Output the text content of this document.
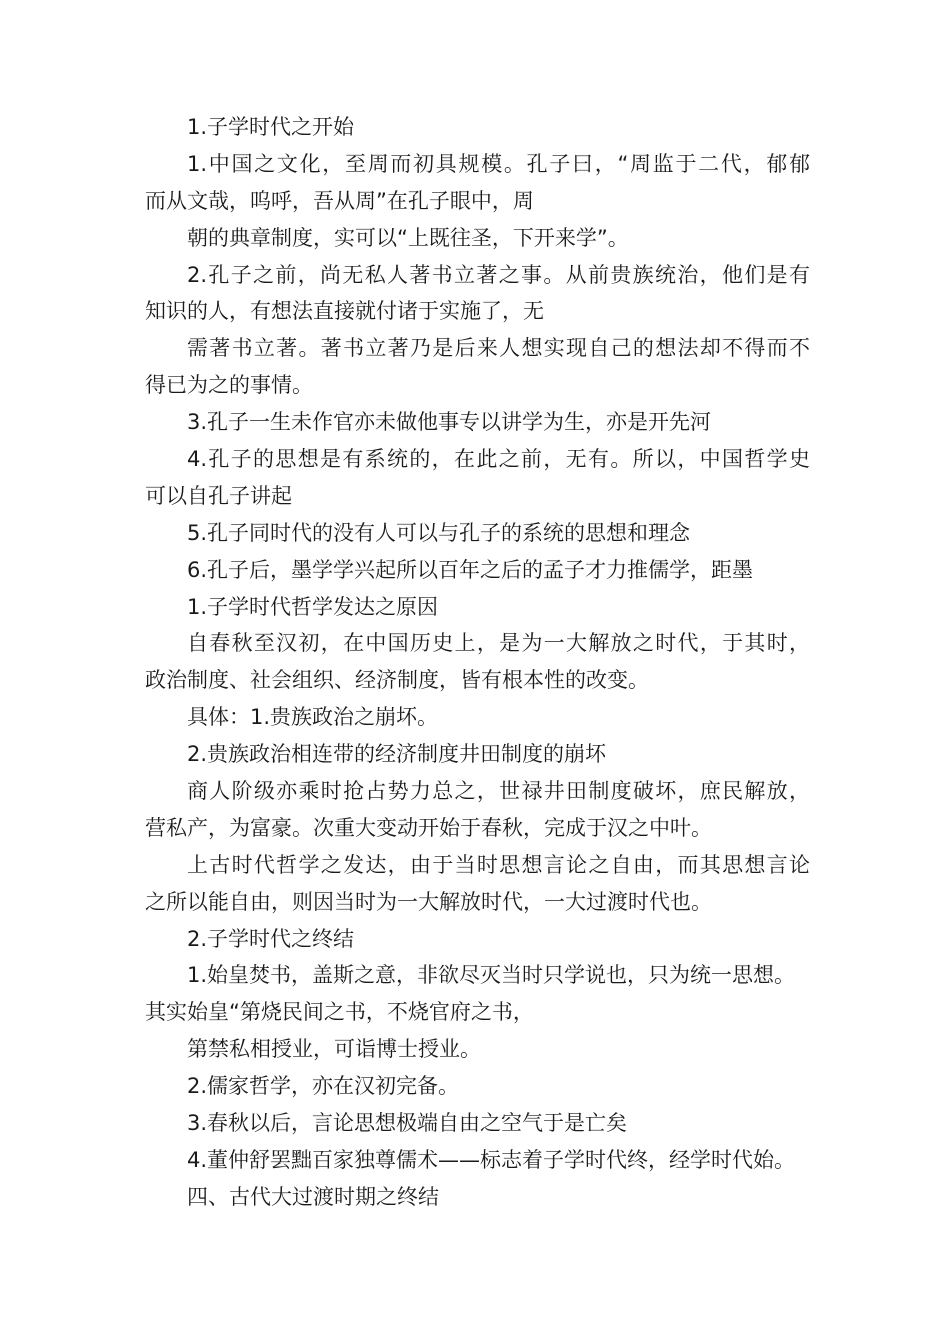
1.子学时代之开始
1.中国之文化，至周而初具规模。孔子曰，“周监于二代，郁郁
而从文哉，呜呼，吾从周”在孔子眼中，周
朝的典章制度，实可以“上既往圣，下开来学”。
2.孔子之前，尚无私人著书立著之事。从前贵族统治，他们是有
知识的人，有想法直接就付诸于实施了，无
需著书立著。著书立著乃是后来人想实现自己的想法却不得而不
得已为之的事情。
3.孔子一生未作官亦未做他事专以讲学为生，亦是开先河
4.孔子的思想是有系统的，在此之前，无有。所以，中国哲学史
可以自孔子讲起
5.孔子同时代的没有人可以与孔子的系统的思想和理念
6.孔子后，墨学学兴起所以百年之后的孟子才力推儒学，距墨
1.子学时代哲学发达之原因
自春秋至汉初，在中国历史上，是为一大解放之时代，于其时，
政治制度、社会组织、经济制度，皆有根本性的改变。
具体：1.贵族政治之崩坏。
2.贵族政治相连带的经济制度井田制度的崩坏
商人阶级亦乘时抢占势力总之，世禄井田制度破坏，庶民解放，
营私产，为富豪。次重大变动开始于春秋，完成于汉之中叶。
上古时代哲学之发达，由于当时思想言论之自由，而其思想言论
之所以能自由，则因当时为一大解放时代，一大过渡时代也。
2.子学时代之终结
1.始皇焚书，盖斯之意，非欲尽灭当时只学说也，只为统一思想。
其实始皇“第烧民间之书，不烧官府之书，
第禁私相授业，可诣博士授业。
2.儒家哲学，亦在汉初完备。
3.春秋以后，言论思想极端自由之空气于是亡矣
4.董仲舒罢黜百家独尊儒术——标志着子学时代终，经学时代始。
四、古代大过渡时期之终结
